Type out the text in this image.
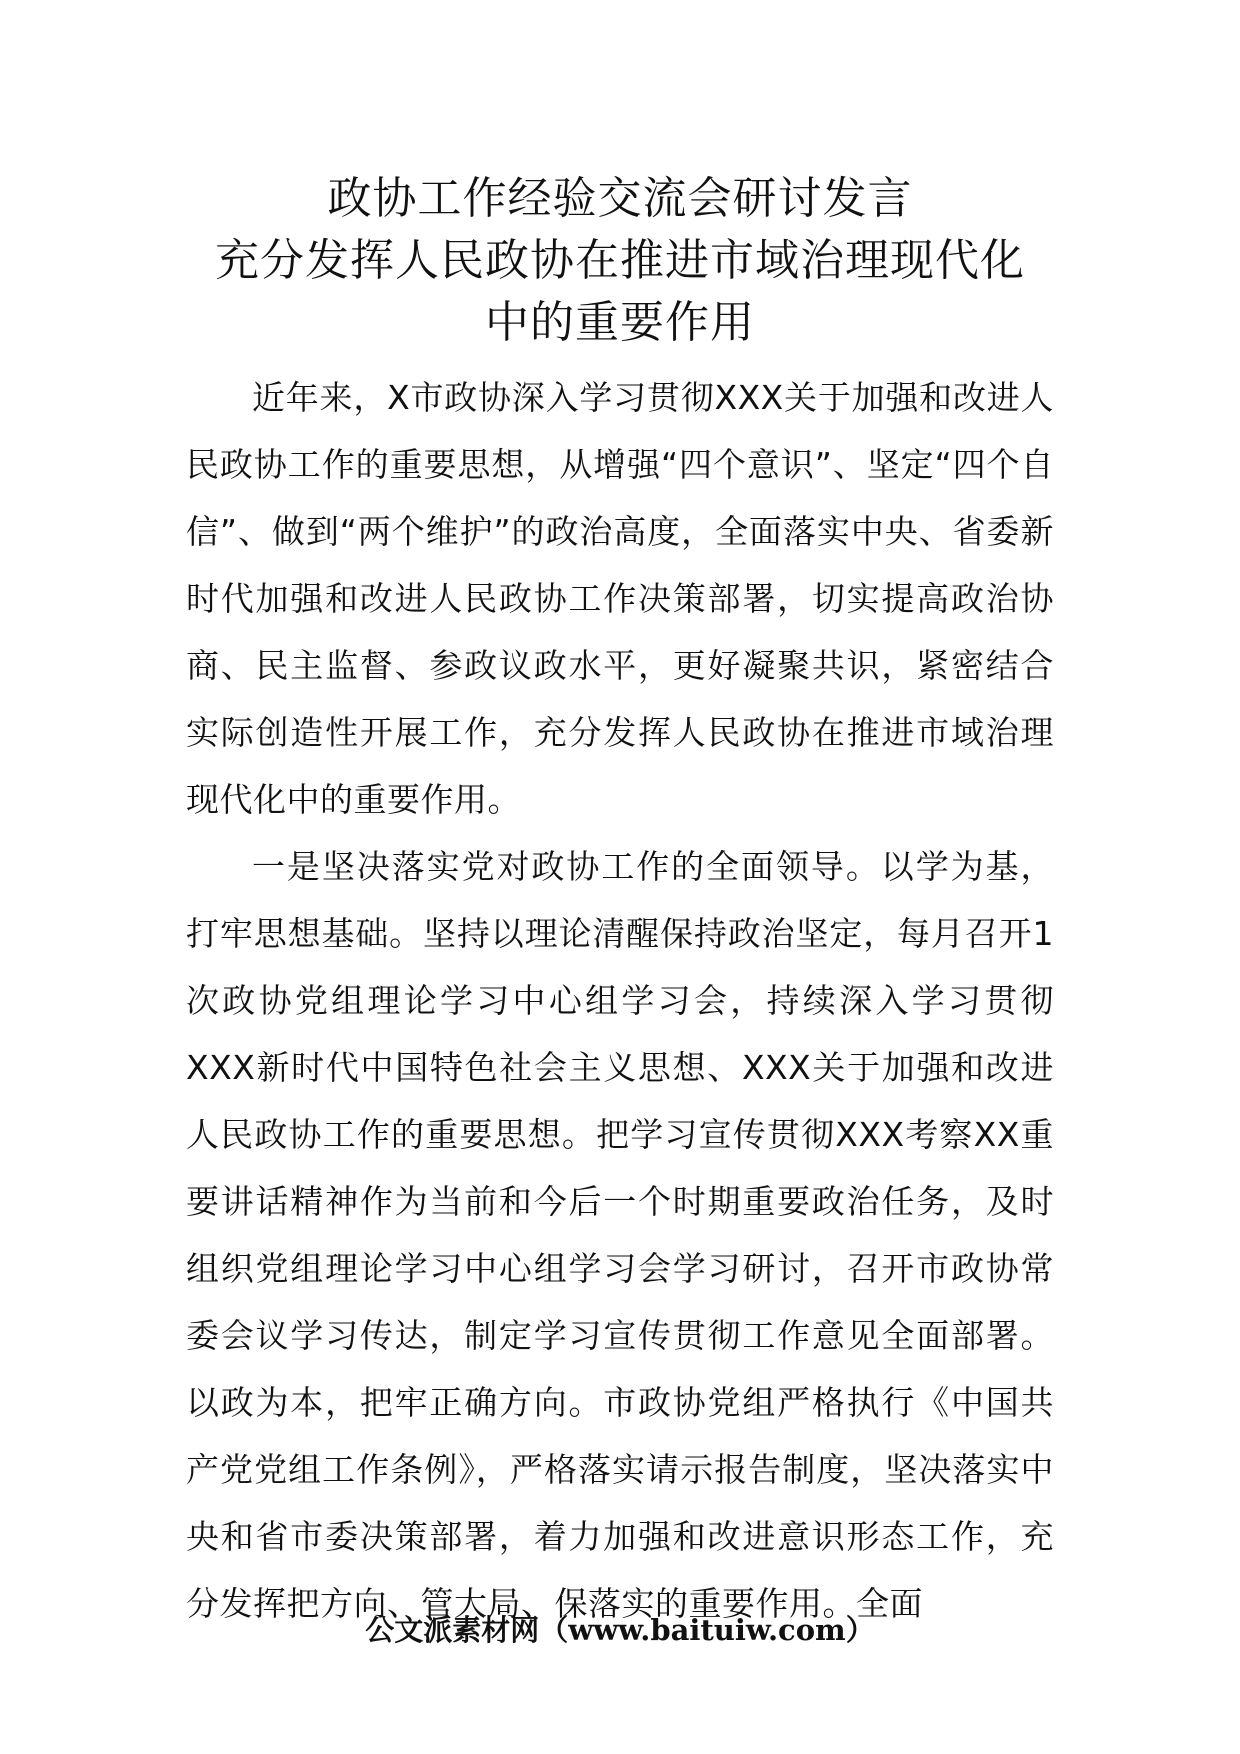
政协工作经验交流会研讨发言
充分发挥人民政协在推进市域治理现代化
中的重要作用

近年来，X市政协深入学习贯彻XXX关于加强和改进人民政协工作的重要思想，从增强“四个意识”、坚定“四个自信”、做到“两个维护”的政治高度，全面落实中央、省委新时代加强和改进人民政协工作决策部署，切实提高政治协商、民主监督、参政议政水平，更好凝聚共识，紧密结合实际创造性开展工作，充分发挥人民政协在推进市域治理现代化中的重要作用。

一是坚决落实党对政协工作的全面领导。以学为基，打牢思想基础。坚持以理论清醒保持政治坚定，每月召开1次政协党组理论学习中心组学习会，持续深入学习贯彻XXX新时代中国特色社会主义思想、XXX关于加强和改进人民政协工作的重要思想。把学习宣传贯彻XXX考察XX重要讲话精神作为当前和今后一个时期重要政治任务，及时组织党组理论学习中心组学习会学习研讨，召开市政协常委会议学习传达，制定学习宣传贯彻工作意见全面部署。以政为本，把牢正确方向。市政协党组严格执行《中国共产党党组工作条例》，严格落实请示报告制度，坚决落实中央和省市委决策部署，着力加强和改进意识形态工作，充分发挥把方向、管大局、保落实的重要作用。全面

公文派素材网（www.baituiw.com）
